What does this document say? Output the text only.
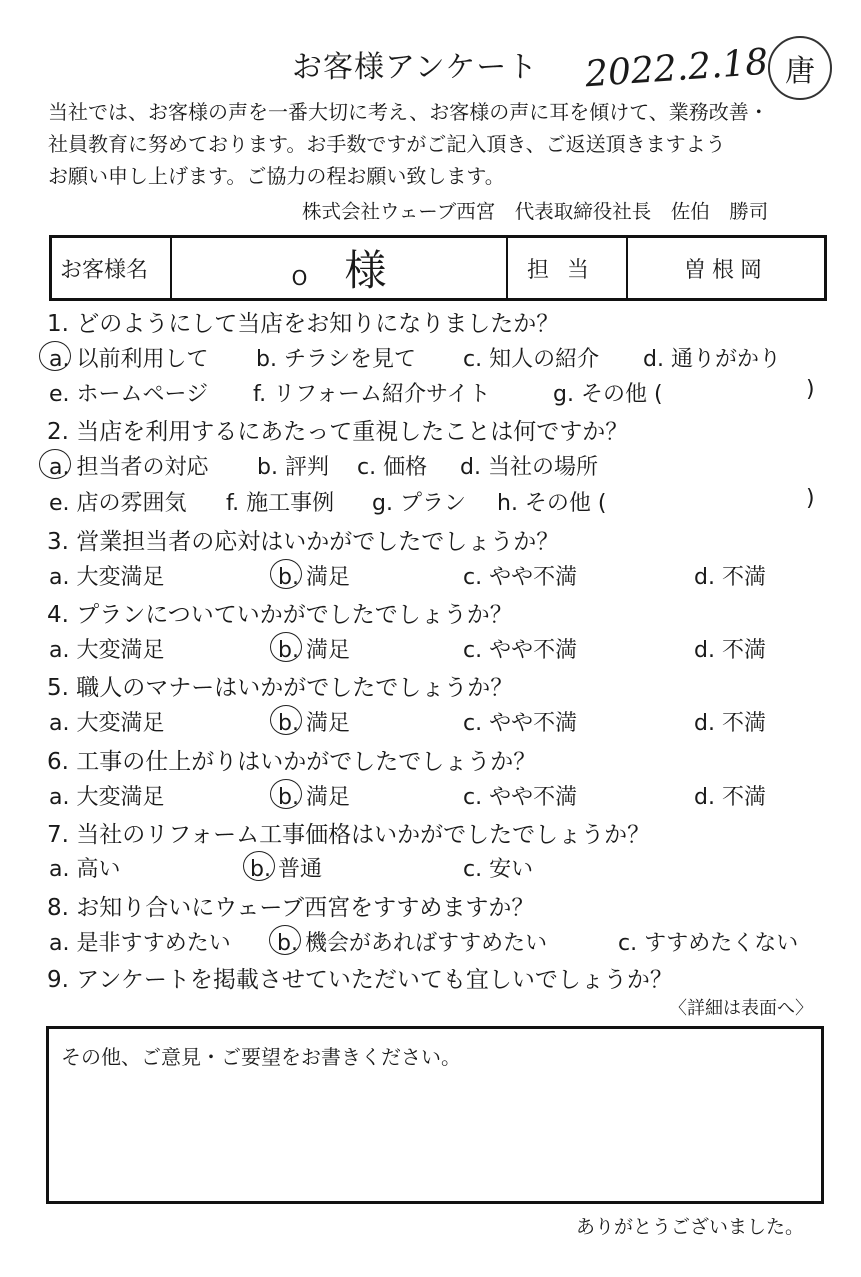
お客様アンケート 2022.2.18 唐
当社では、お客様の声を一番大切に考え、お客様の声に耳を傾けて、業務改善・
社員教育に努めております。お手数ですがご記入頂き、ご返送頂きますよう
お願い申し上げます。ご協力の程お願い致します。
株式会社ウェーブ西宮　代表取締役社長　佐伯　勝司
お客様名	O 様	担当	曽根岡
1. どのようにして当店をお知りになりましたか？
a. 以前利用して b. チラシを見て c. 知人の紹介 d. 通りがかり
e. ホームページ f. リフォーム紹介サイト	g. その他 (	)
2. 当店を利用するにあたって重視したことは何ですか？
a. 担当者の対応 b. 評判 c. 価格 d. 当社の場所
e. 店の雰囲気 f. 施工事例 g. プラン h. その他 (	)
3. 営業担当者の応対はいかがでしたでしょうか？
a. 大変満足	b. 満足	c. やや不満	d. 不満
4. プランについていかがでしたでしょうか？
a. 大変満足	b. 満足	c. やや不満	d. 不満
5. 職人のマナーはいかがでしたでしょうか？
a. 大変満足	b. 満足	c. やや不満	d. 不満
6. 工事の仕上がりはいかがでしたでしょうか？
a. 大変満足	b. 満足	c. やや不満	d. 不満
7. 当社のリフォーム工事価格はいかがでしたでしょうか？
a. 高い	b. 普通	c. 安い
8. お知り合いにウェーブ西宮をすすめますか？
a. 是非すすめたい b. 機会があればすすめたい	c. すすめたくない
9. アンケートを掲載させていただいても宜しいでしょうか？
〈詳細は表面へ〉
その他、ご意見・ご要望をお書きください。
ありがとうございました。
